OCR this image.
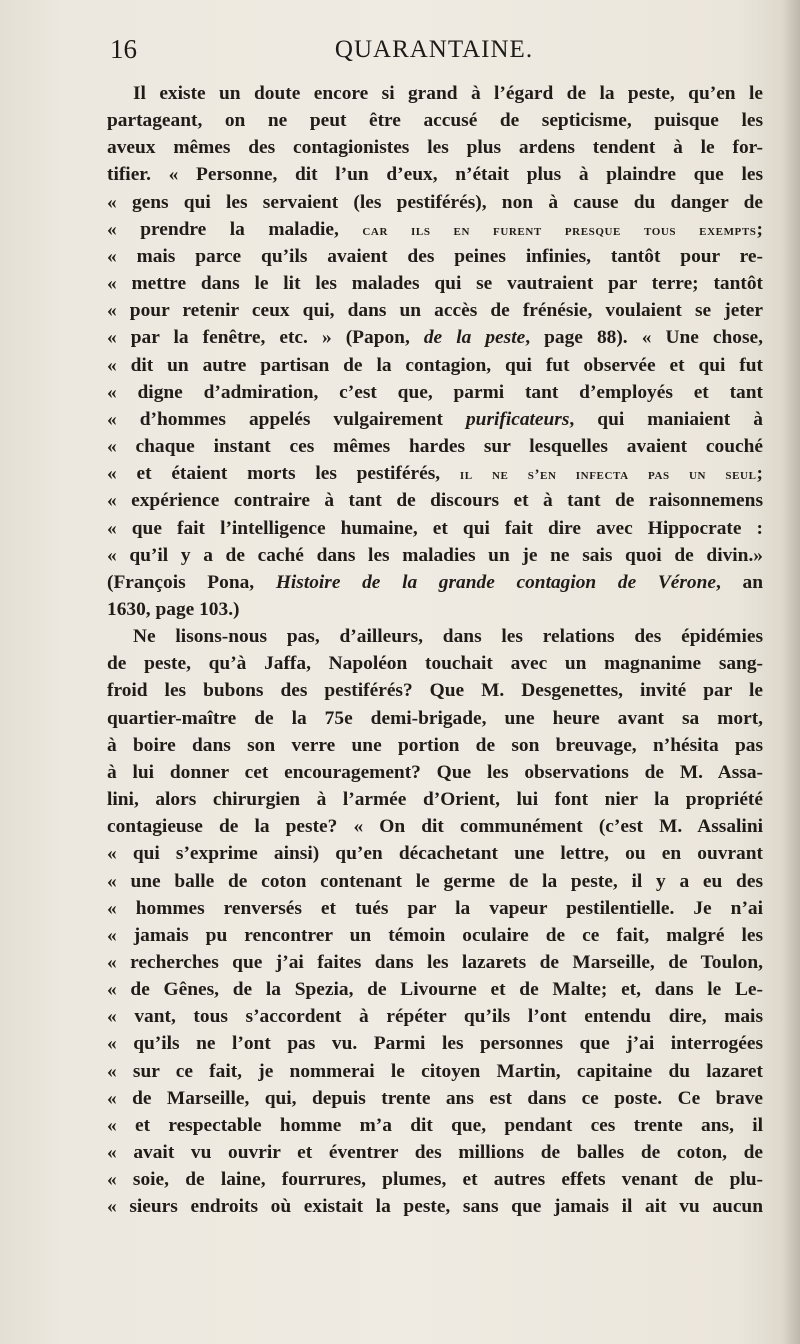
16	QUARANTAINE.
Il existe un doute encore si grand à l’égard de la peste, qu’en le
partageant, on ne peut être accusé de septicisme, puisque les
aveux mêmes des contagionistes les plus ardens tendent à le for-
tifier. « Personne, dit l’un d’eux, n’était plus à plaindre que les
« gens qui les servaient (les pestiférés), non à cause du danger de
« prendre la maladie, car ils en furent presque tous exempts;
« mais parce qu’ils avaient des peines infinies, tantôt pour re-
« mettre dans le lit les malades qui se vautraient par terre; tantôt
« pour retenir ceux qui, dans un accès de frénésie, voulaient se jeter
« par la fenêtre, etc. » (Papon, de la peste, page 88). « Une chose,
« dit un autre partisan de la contagion, qui fut observée et qui fut
« digne d’admiration, c’est que, parmi tant d’employés et tant
« d’hommes appelés vulgairement purificateurs, qui maniaient à
« chaque instant ces mêmes hardes sur lesquelles avaient couché
« et étaient morts les pestiférés, il ne s’en infecta pas un seul;
« expérience contraire à tant de discours et à tant de raisonnemens
« que fait l’intelligence humaine, et qui fait dire avec Hippocrate :
« qu’il y a de caché dans les maladies un je ne sais quoi de divin.»
(François Pona, Histoire de la grande contagion de Vérone, an
1630, page 103.)
Ne lisons-nous pas, d’ailleurs, dans les relations des épidémies
de peste, qu’à Jaffa, Napoléon touchait avec un magnanime sang-
froid les bubons des pestiférés? Que M. Desgenettes, invité par le
quartier-maître de la 75e demi-brigade, une heure avant sa mort,
à boire dans son verre une portion de son breuvage, n’hésita pas
à lui donner cet encouragement? Que les observations de M. Assa-
lini, alors chirurgien à l’armée d’Orient, lui font nier la propriété
contagieuse de la peste? « On dit communément (c’est M. Assalini
« qui s’exprime ainsi) qu’en décachetant une lettre, ou en ouvrant
« une balle de coton contenant le germe de la peste, il y a eu des
« hommes renversés et tués par la vapeur pestilentielle. Je n’ai
« jamais pu rencontrer un témoin oculaire de ce fait, malgré les
« recherches que j’ai faites dans les lazarets de Marseille, de Toulon,
« de Gênes, de la Spezia, de Livourne et de Malte; et, dans le Le-
« vant, tous s’accordent à répéter qu’ils l’ont entendu dire, mais
« qu’ils ne l’ont pas vu. Parmi les personnes que j’ai interrogées
« sur ce fait, je nommerai le citoyen Martin, capitaine du lazaret
« de Marseille, qui, depuis trente ans est dans ce poste. Ce brave
« et respectable homme m’a dit que, pendant ces trente ans, il
« avait vu ouvrir et éventrer des millions de balles de coton, de
« soie, de laine, fourrures, plumes, et autres effets venant de plu-
« sieurs endroits où existait la peste, sans que jamais il ait vu aucun
